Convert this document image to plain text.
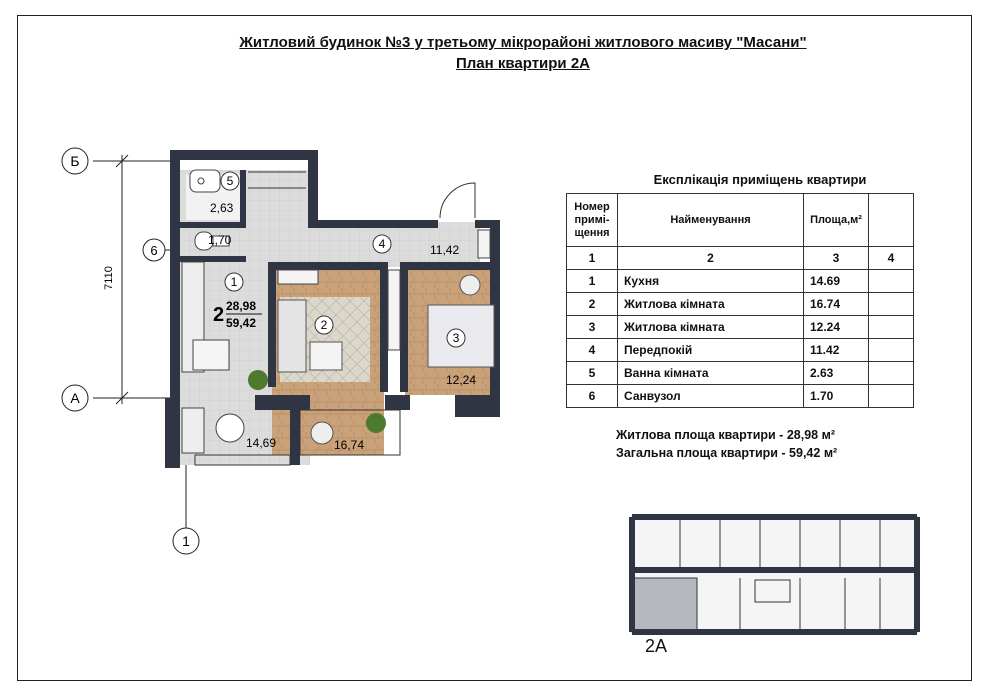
Житловий будинок №3 у третьому мікрорайоні житлового масиву "Масани"
План квартири 2А
Б
А
6
1
7110
5
1
2
3
4
2,63
1,70
14,69	16,74
12,24
11,42
2 28,98
59,42
Експлікація приміщень квартири
Номер
примі-
щення	Найменування	Площа,м²	
1	2	3	4
1	Кухня	14.69	
2	Житлова кімната	16.74	
3	Житлова кімната	12.24	
4	Передпокій	11.42	
5	Ванна кімната	2.63	
6	Санвузол	1.70	
Житлова площа квартири - 28,98 м²
Загальна площа квартири - 59,42 м²
2А
